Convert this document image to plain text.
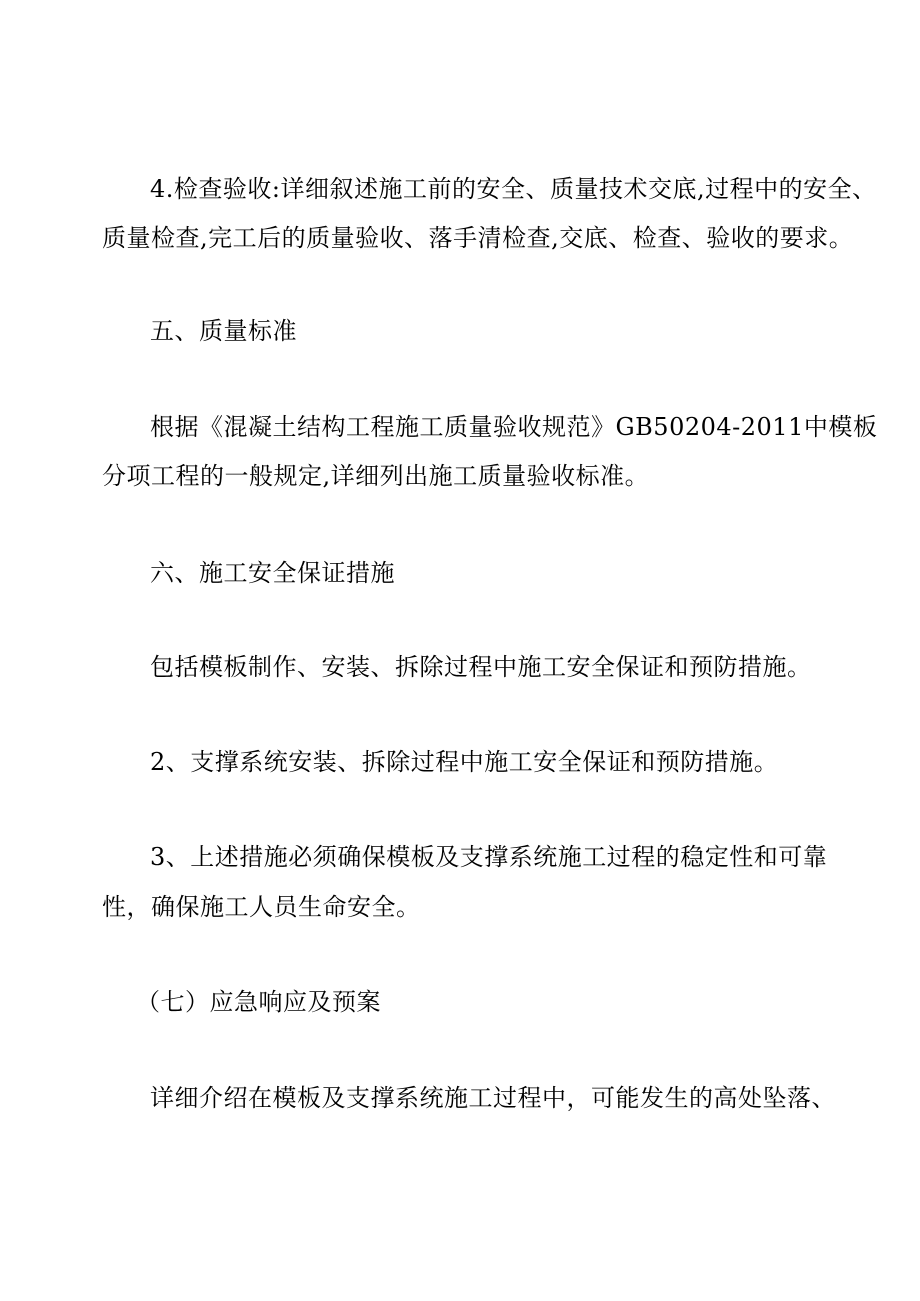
4.检查验收:详细叙述施工前的安全、质量技术交底,过程中的安全、
质量检查,完工后的质量验收、落手清检查,交底、检查、验收的要求。
五、质量标准
根据《混凝土结构工程施工质量验收规范》GB50204-2011中模板
分项工程的一般规定,详细列出施工质量验收标准。
六、施工安全保证措施
包括模板制作、安装、拆除过程中施工安全保证和预防措施。
2、支撑系统安装、拆除过程中施工安全保证和预防措施。
3、上述措施必须确保模板及支撑系统施工过程的稳定性和可靠
性，确保施工人员生命安全。
（七）应急响应及预案
详细介绍在模板及支撑系统施工过程中，可能发生的高处坠落、
